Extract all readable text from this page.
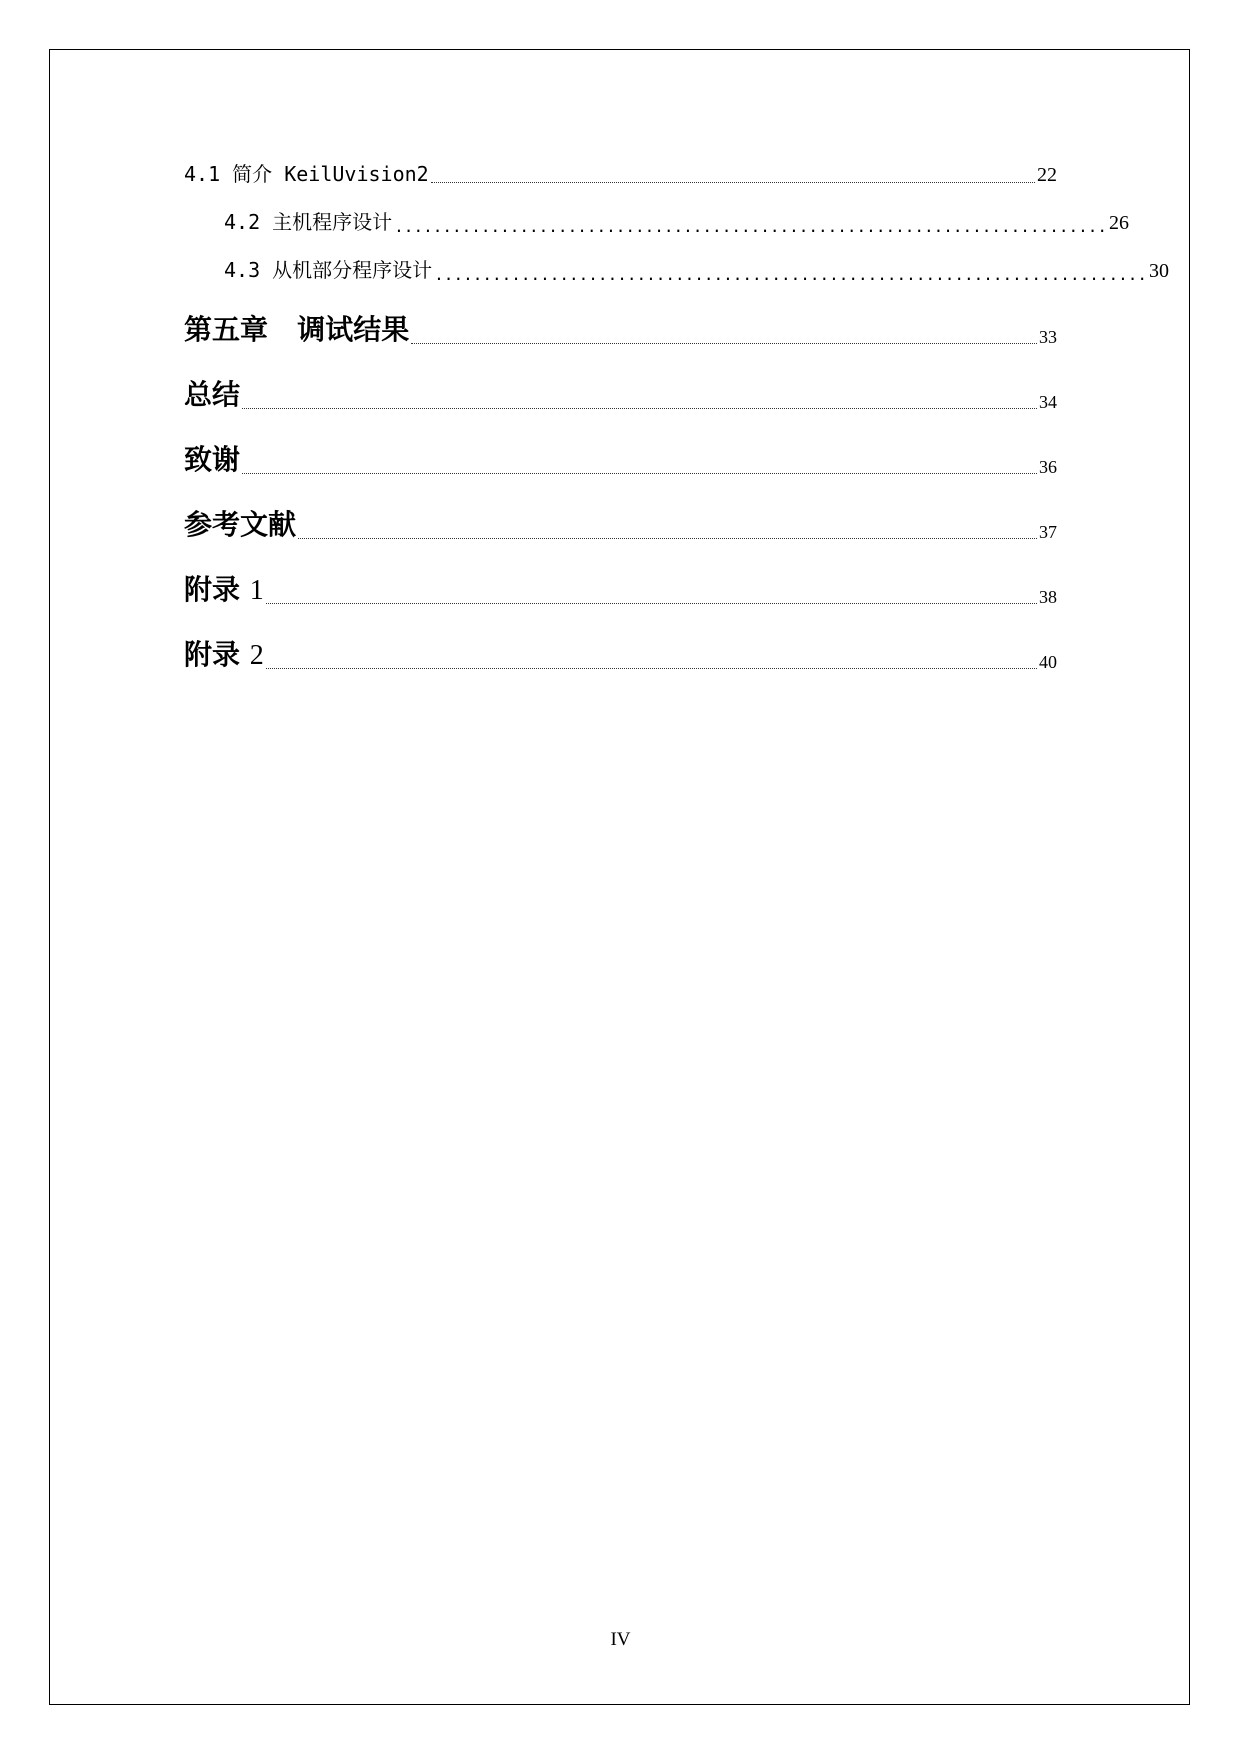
4.1 简介 KeilUvision2	22
4.2 主机程序设计 .......................................................................... 26
4.3 从机部分程序设计 .......................................................................... 30
第五章   调试结果	33
总结	34
致谢	36
参考文献	37
附录 1	38
附录 2	40
IV
